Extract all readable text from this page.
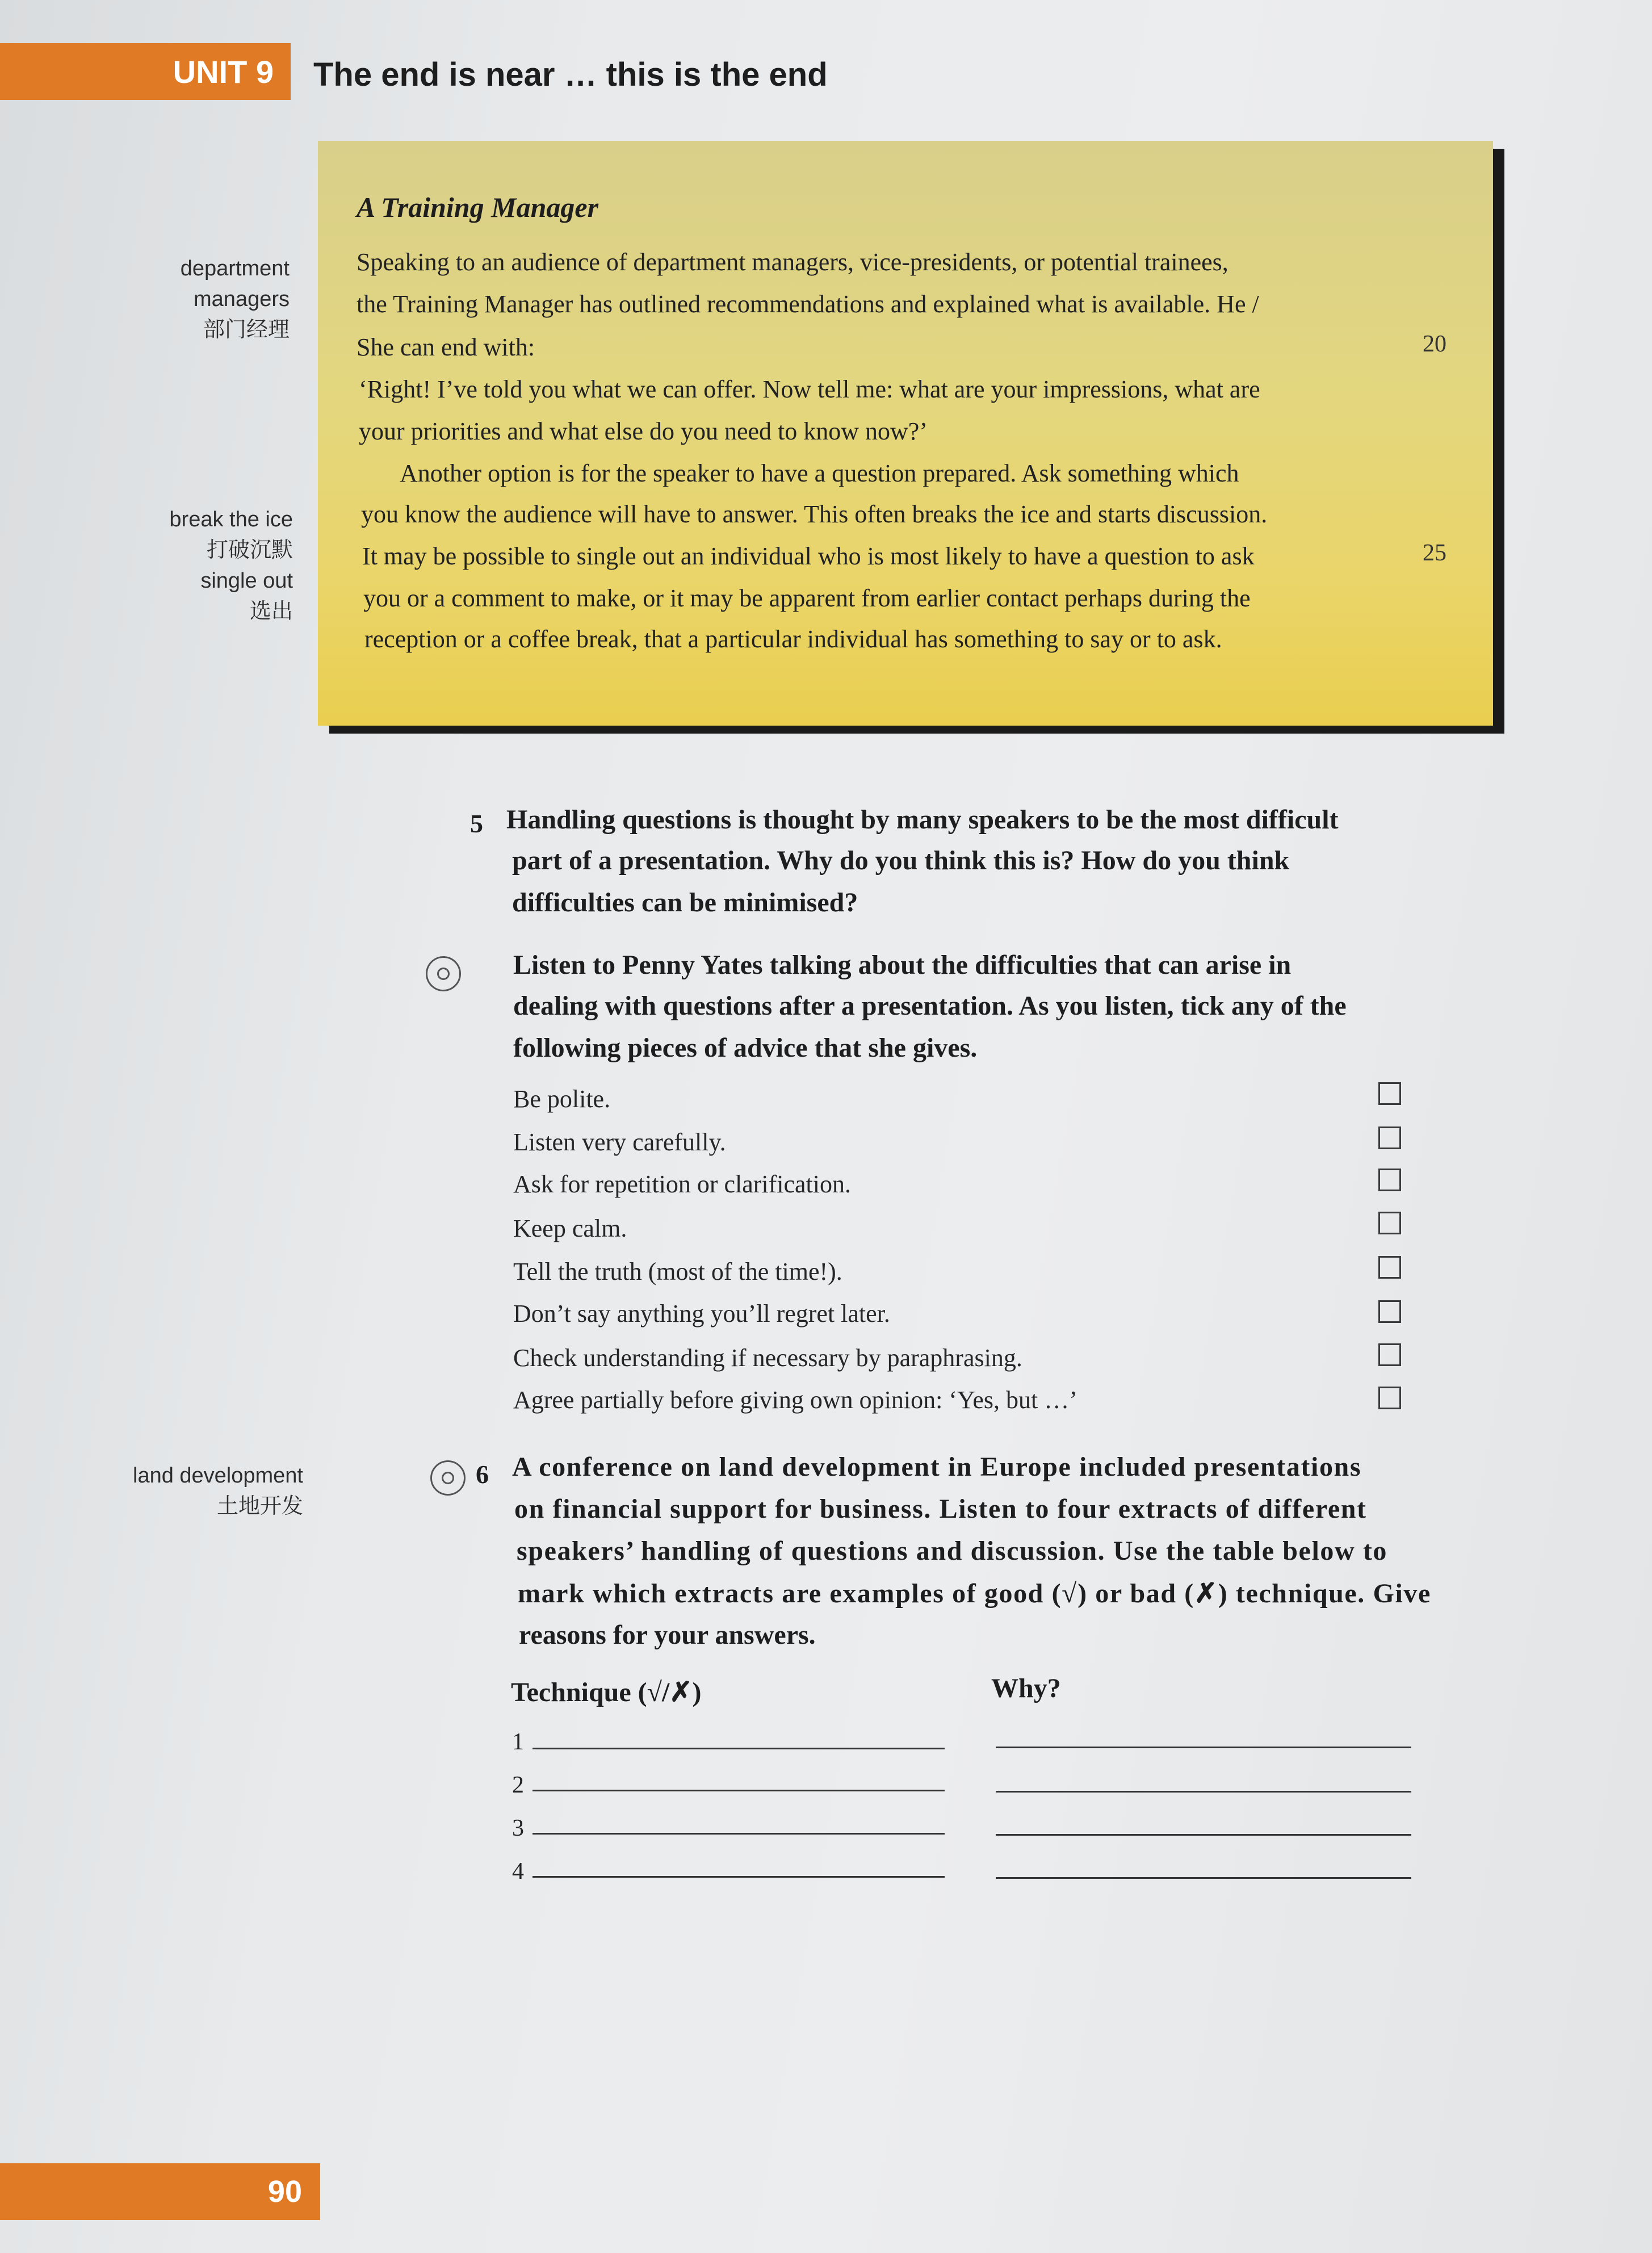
UNIT 9	The end is near … this is the end
department
managers
部门经理
break the ice
打破沉默
single out
选出
land development
土地开发
A Training Manager
Speaking to an audience of department managers, vice-presidents, or potential trainees,
the Training Manager has outlined recommendations and explained what is available. He /
She can end with:
‘Right! I’ve told you what we can offer. Now tell me: what are your impressions, what are
your priorities and what else do you need to know now?’
Another option is for the speaker to have a question prepared. Ask something which
you know the audience will have to answer. This often breaks the ice and starts discussion.
It may be possible to single out an individual who is most likely to have a question to ask
you or a comment to make, or it may be apparent from earlier contact perhaps during the
reception or a coffee break, that a particular individual has something to say or to ask.
20
25
5 Handling questions is thought by many speakers to be the most difficult
part of a presentation. Why do you think this is? How do you think
difficulties can be minimised?
Listen to Penny Yates talking about the difficulties that can arise in
dealing with questions after a presentation. As you listen, tick any of the
following pieces of advice that she gives.
Be polite.
Listen very carefully.
Ask for repetition or clarification.
Keep calm.
Tell the truth (most of the time!).
Don’t say anything you’ll regret later.
Check understanding if necessary by paraphrasing.
Agree partially before giving own opinion: ‘Yes, but …’
6 A conference on land development in Europe included presentations
on financial support for business. Listen to four extracts of different
speakers’ handling of questions and discussion. Use the table below to
mark which extracts are examples of good (√) or bad (✗) technique. Give
reasons for your answers.
Technique (√/✗)	Why?
1
2
3
4
90
